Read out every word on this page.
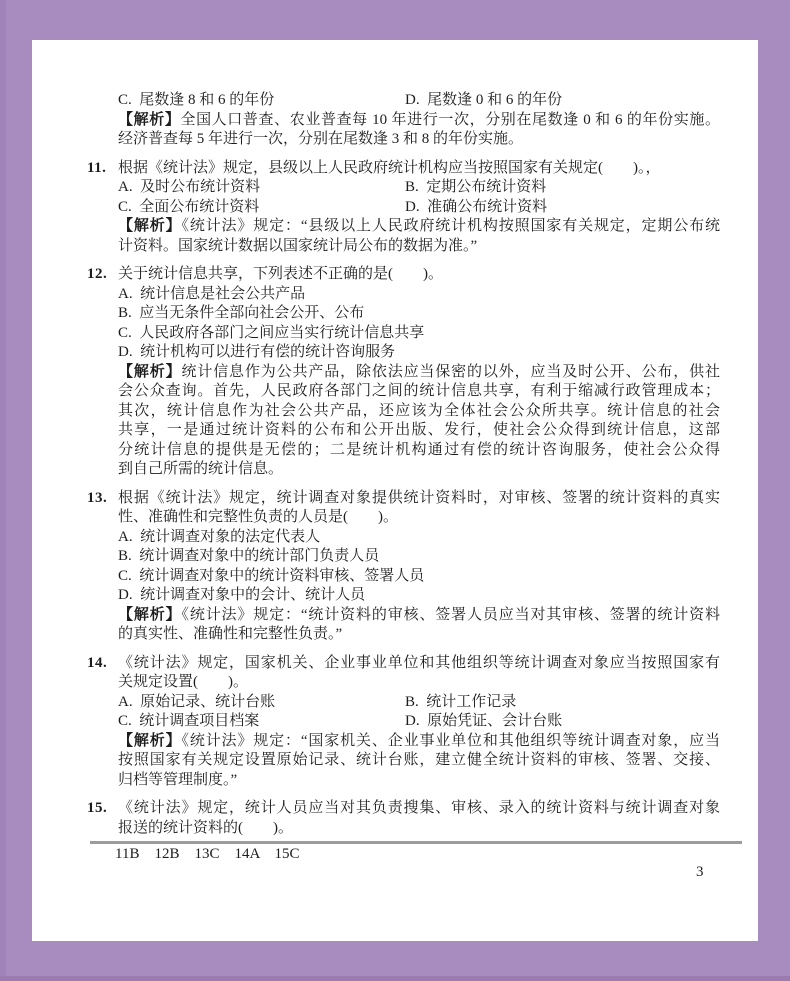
C.  尾数逢 8 和 6 的年份	D.  尾数逢 0 和 6 的年份
【解析】全国人口普查、农业普查每 10 年进行一次，分别在尾数逢 0 和 6 的年份实施。
经济普查每 5 年进行一次，分别在尾数逢 3 和 8 的年份实施。
11. 根据《统计法》规定，县级以上人民政府统计机构应当按照国家有关规定(　　)。，
A.  及时公布统计资料	B.  定期公布统计资料
C.  全面公布统计资料	D.  准确公布统计资料
【解析】《统计法》规定：“县级以上人民政府统计机构按照国家有关规定，定期公布统
计资料。国家统计数据以国家统计局公布的数据为准。”
12. 关于统计信息共享，下列表述不正确的是(　　)。
A.  统计信息是社会公共产品
B.  应当无条件全部向社会公开、公布
C.  人民政府各部门之间应当实行统计信息共享
D.  统计机构可以进行有偿的统计咨询服务
【解析】统计信息作为公共产品，除依法应当保密的以外，应当及时公开、公布，供社
会公众查询。首先，人民政府各部门之间的统计信息共享，有利于缩减行政管理成本；
其次，统计信息作为社会公共产品，还应该为全体社会公众所共享。统计信息的社会
共享，一是通过统计资料的公布和公开出版、发行，使社会公众得到统计信息，这部
分统计信息的提供是无偿的；二是统计机构通过有偿的统计咨询服务，使社会公众得
到自己所需的统计信息。
13. 根据《统计法》规定，统计调查对象提供统计资料时，对审核、签署的统计资料的真实
性、准确性和完整性负责的人员是(　　)。
A.  统计调查对象的法定代表人
B.  统计调查对象中的统计部门负责人员
C.  统计调查对象中的统计资料审核、签署人员
D.  统计调查对象中的会计、统计人员
【解析】《统计法》规定：“统计资料的审核、签署人员应当对其审核、签署的统计资料
的真实性、准确性和完整性负责。”
14. 《统计法》规定，国家机关、企业事业单位和其他组织等统计调查对象应当按照国家有
关规定设置(　　)。
A.  原始记录、统计台账	B.  统计工作记录
C.  统计调查项目档案	D.  原始凭证、会计台账
【解析】《统计法》规定：“国家机关、企业事业单位和其他组织等统计调查对象，应当
按照国家有关规定设置原始记录、统计台账，建立健全统计资料的审核、签署、交接、
归档等管理制度。”
15. 《统计法》规定，统计人员应当对其负责搜集、审核、录入的统计资料与统计调查对象
报送的统计资料的(　　)。
11B　12B　13C　14A　15C
3
